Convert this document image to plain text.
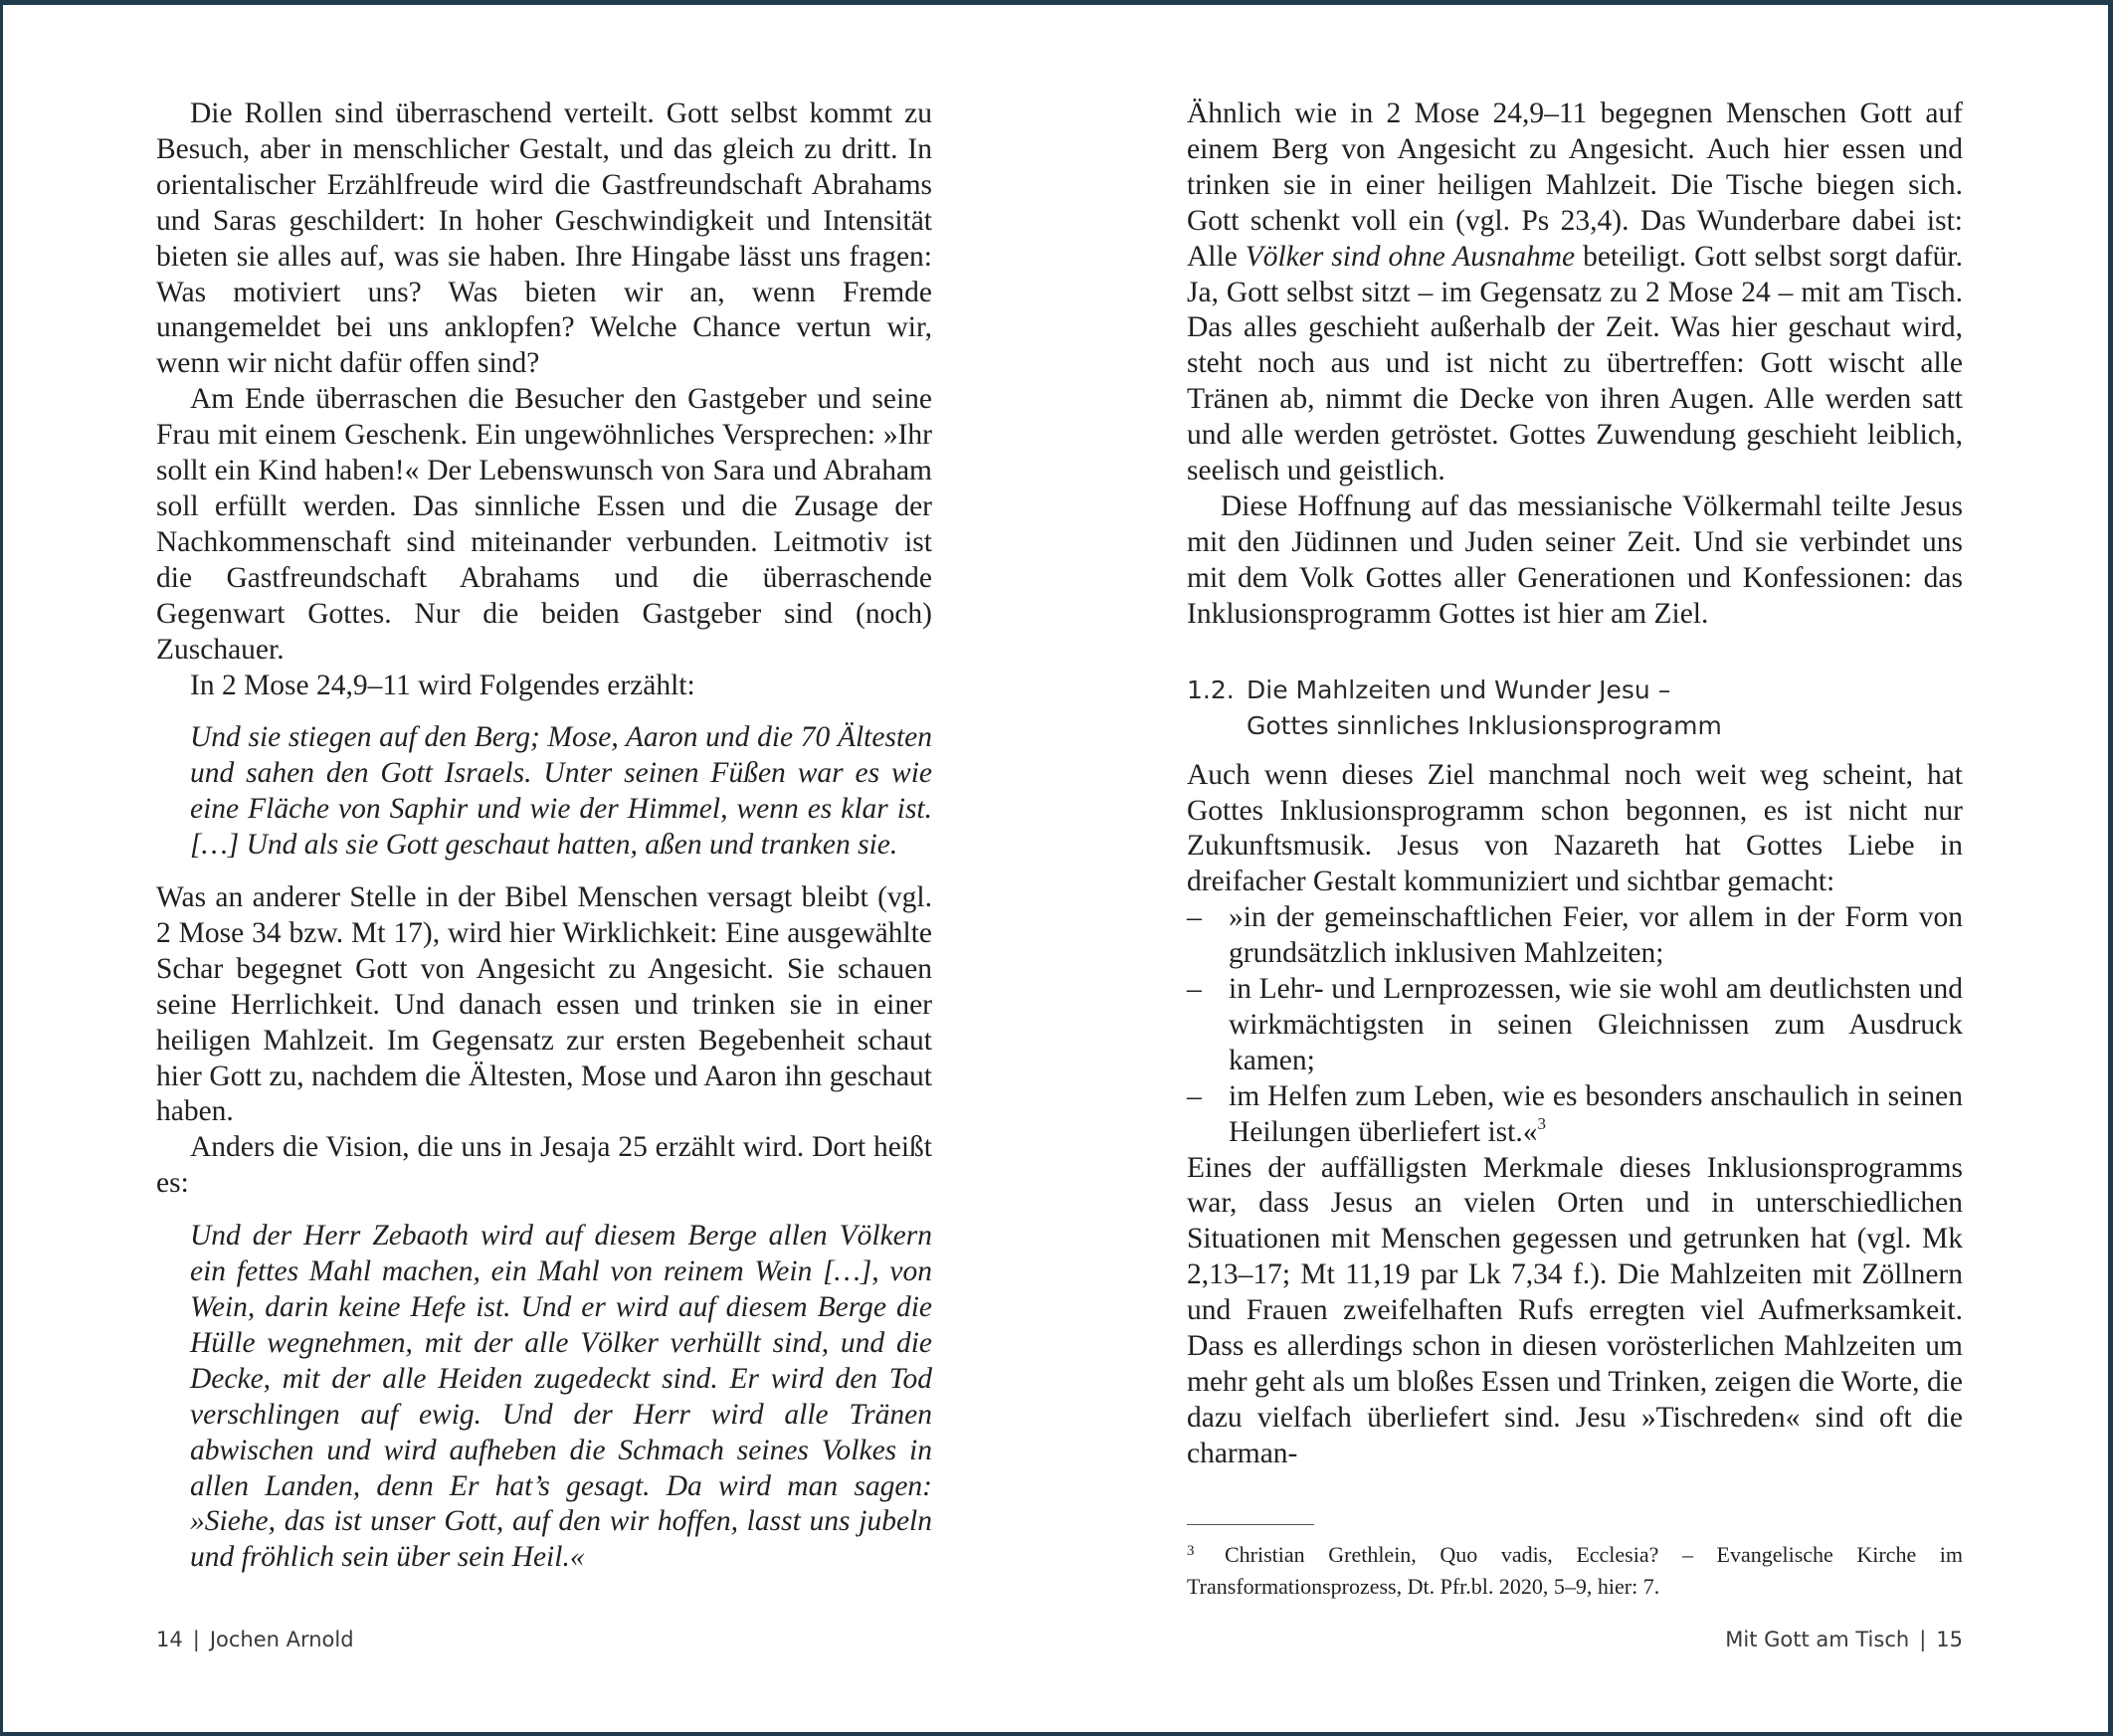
Die Rollen sind überraschend verteilt. Gott selbst kommt zu Besuch, aber in menschlicher Gestalt, und das gleich zu dritt. In orientalischer Erzählfreude wird die Gastfreundschaft Abrahams und Saras geschildert: In hoher Geschwindigkeit und Intensität bieten sie alles auf, was sie haben. Ihre Hingabe lässt uns fragen: Was motiviert uns? Was bieten wir an, wenn Fremde unangemeldet bei uns anklopfen? Welche Chance vertun wir, wenn wir nicht dafür offen sind?

Am Ende überraschen die Besucher den Gastgeber und seine Frau mit einem Geschenk. Ein ungewöhnliches Versprechen: »Ihr sollt ein Kind haben!« Der Lebenswunsch von Sara und Abraham soll erfüllt werden. Das sinnliche Essen und die Zusage der Nachkommenschaft sind miteinander verbunden. Leitmotiv ist die Gastfreundschaft Abrahams und die überraschende Gegenwart Gottes. Nur die beiden Gastgeber sind (noch) Zuschauer.

In 2 Mose 24,9–11 wird Folgendes erzählt:

Und sie stiegen auf den Berg; Mose, Aaron und die 70 Ältesten und sahen den Gott Israels. Unter seinen Füßen war es wie eine Fläche von Saphir und wie der Himmel, wenn es klar ist. […] Und als sie Gott geschaut hatten, aßen und tranken sie.

Was an anderer Stelle in der Bibel Menschen versagt bleibt (vgl. 2 Mose 34 bzw. Mt 17), wird hier Wirklichkeit: Eine ausgewählte Schar begegnet Gott von Angesicht zu Angesicht. Sie schauen seine Herrlichkeit. Und danach essen und trinken sie in einer heiligen Mahlzeit. Im Gegensatz zur ersten Begebenheit schaut hier Gott zu, nachdem die Ältesten, Mose und Aaron ihn geschaut haben.

Anders die Vision, die uns in Jesaja 25 erzählt wird. Dort heißt es:

Und der Herr Zebaoth wird auf diesem Berge allen Völkern ein fettes Mahl machen, ein Mahl von reinem Wein […], von Wein, darin keine Hefe ist. Und er wird auf diesem Berge die Hülle wegnehmen, mit der alle Völker verhüllt sind, und die Decke, mit der alle Heiden zugedeckt sind. Er wird den Tod verschlingen auf ewig. Und der Herr wird alle Tränen abwischen und wird aufheben die Schmach seines Volkes in allen Landen, denn Er hat’s gesagt. Da wird man sagen: »Siehe, das ist unser Gott, auf den wir hoffen, lasst uns jubeln und fröhlich sein über sein Heil.«
14 | Jochen Arnold

Ähnlich wie in 2 Mose 24,9–11 begegnen Menschen Gott auf einem Berg von Angesicht zu Angesicht. Auch hier essen und trinken sie in einer heiligen Mahlzeit. Die Tische biegen sich. Gott schenkt voll ein (vgl. Ps 23,4). Das Wunderbare dabei ist: Alle Völker sind ohne Ausnahme beteiligt. Gott selbst sorgt dafür. Ja, Gott selbst sitzt – im Gegensatz zu 2 Mose 24 – mit am Tisch. Das alles geschieht außerhalb der Zeit. Was hier geschaut wird, steht noch aus und ist nicht zu übertreffen: Gott wischt alle Tränen ab, nimmt die Decke von ihren Augen. Alle werden satt und alle werden getröstet. Gottes Zuwendung geschieht leiblich, seelisch und geistlich.

Diese Hoffnung auf das messianische Völkermahl teilte Jesus mit den Jüdinnen und Juden seiner Zeit. Und sie verbindet uns mit dem Volk Gottes aller Generationen und Konfessionen: das Inklusionsprogramm Gottes ist hier am Ziel.

1.2. Die Mahlzeiten und Wunder Jesu –
Gottes sinnliches Inklusionsprogramm

Auch wenn dieses Ziel manchmal noch weit weg scheint, hat Gottes Inklusionsprogramm schon begonnen, es ist nicht nur Zukunftsmusik. Jesus von Nazareth hat Gottes Liebe in dreifacher Gestalt kommuniziert und sichtbar gemacht:

– »in der gemeinschaftlichen Feier, vor allem in der Form von grundsätzlich inklusiven Mahlzeiten;
– in Lehr- und Lernprozessen, wie sie wohl am deutlichsten und wirkmächtigsten in seinen Gleichnissen zum Ausdruck kamen;
– im Helfen zum Leben, wie es besonders anschaulich in seinen Heilungen überliefert ist.«$^3$

Eines der auffälligsten Merkmale dieses Inklusionsprogramms war, dass Jesus an vielen Orten und in unterschiedlichen Situationen mit Menschen gegessen und getrunken hat (vgl. Mk 2,13–17; Mt 11,19 par Lk 7,34 f.). Die Mahlzeiten mit Zöllnern und Frauen zweifelhaften Rufs erregten viel Aufmerksamkeit. Dass es allerdings schon in diesen vorösterlichen Mahlzeiten um mehr geht als um bloßes Essen und Trinken, zeigen die Worte, die dazu vielfach überliefert sind. Jesu »Tischreden« sind oft die charman-

3 Christian Grethlein, Quo vadis, Ecclesia? – Evangelische Kirche im Transformationsprozess, Dt. Pfr.bl. 2020, 5–9, hier: 7.
Mit Gott am Tisch | 15
